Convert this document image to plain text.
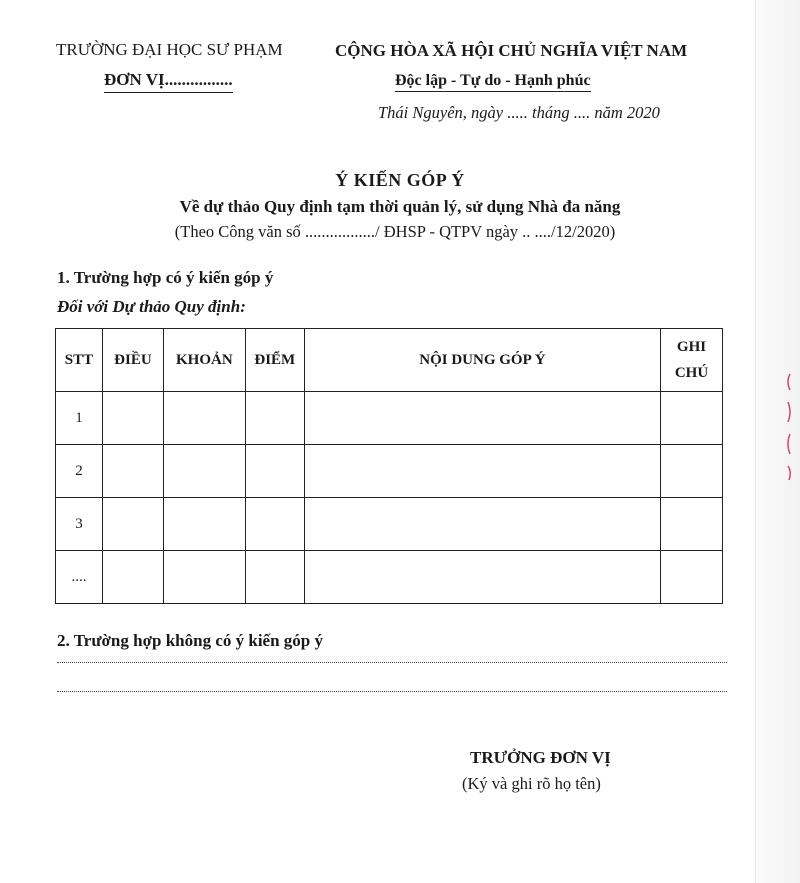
TRƯỜNG ĐẠI HỌC SƯ PHẠM
ĐƠN VỊ................
CỘNG HÒA XÃ HỘI CHỦ NGHĨA VIỆT NAM
Độc lập - Tự do - Hạnh phúc
Thái Nguyên, ngày ..... tháng .... năm 2020
Ý KIẾN GÓP Ý
Về dự thảo Quy định tạm thời quản lý, sử dụng Nhà đa năng
(Theo Công văn số ................./ ĐHSP - QTPV ngày .. ..../12/2020)
1. Trường hợp có ý kiến góp ý
Đối với Dự thảo Quy định:
STT	ĐIỀU	KHOẢN	ĐIỂM	NỘI DUNG GÓP Ý	GHI CHÚ
1					
2					
3					
....					
2. Trường hợp không có ý kiến góp ý
TRƯỞNG ĐƠN VỊ
(Ký và ghi rõ họ tên)
